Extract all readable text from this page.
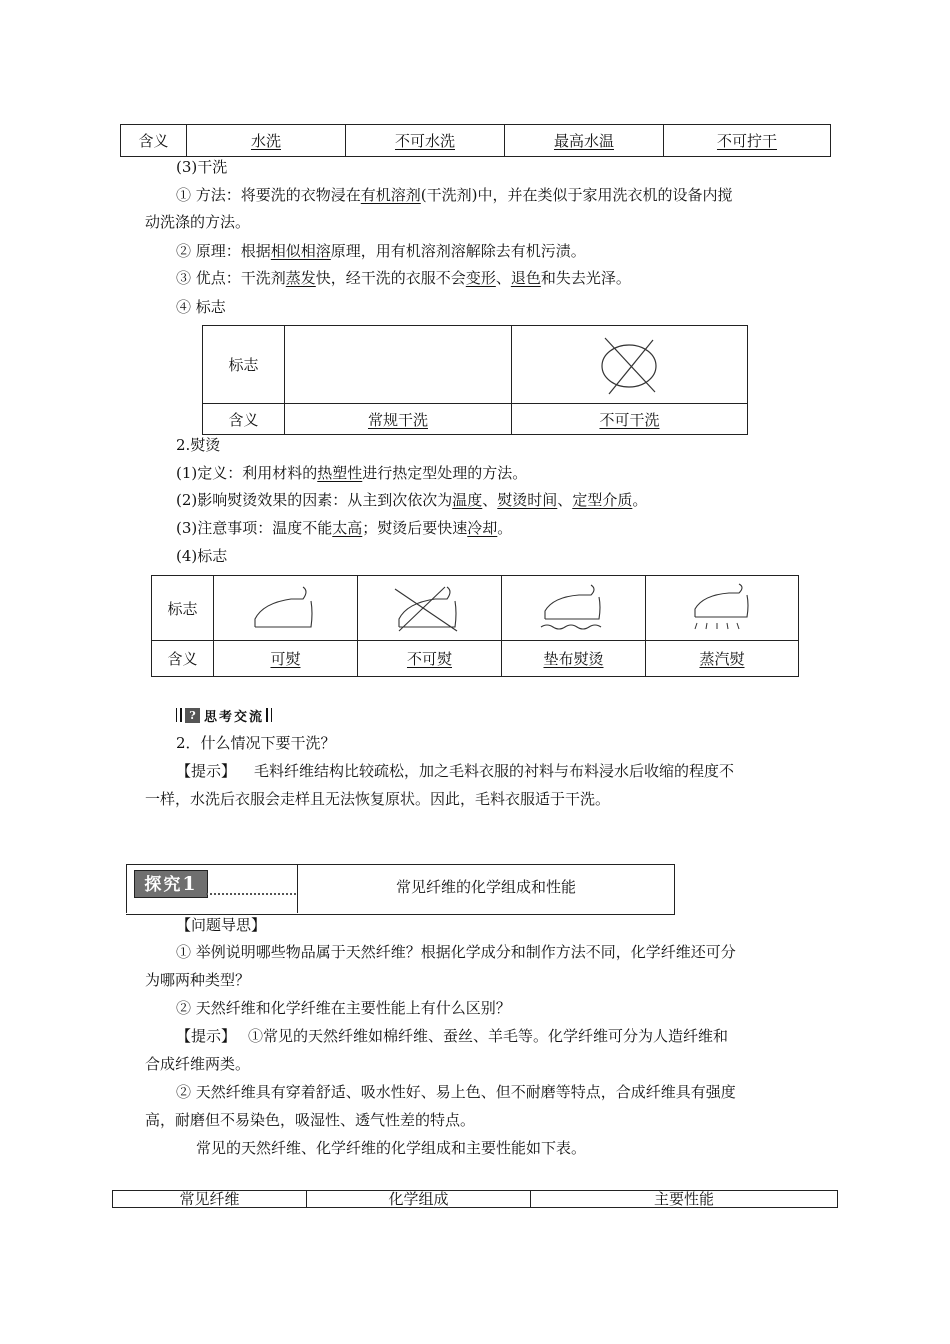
含义	水洗	不可水洗	最高水温	不可拧干
(3)干洗
① 方法：将要洗的衣物浸在有机溶剂(干洗剂)中，并在类似于家用洗衣机的设备内搅
动洗涤的方法。
② 原理：根据相似相溶原理，用有机溶剂溶解除去有机污渍。
③ 优点：干洗剂蒸发快，经干洗的衣服不会变形、退色和失去光泽。
④ 标志
标志		

含义	常规干洗	不可干洗
2.熨烫
(1)定义：利用材料的热塑性进行热定型处理的方法。
(2)影响熨烫效果的因素：从主到次依次为温度、熨烫时间、定型介质。
(3)注意事项：温度不能太高；熨烫后要快速冷却。
(4)标志
标志	

含义	可熨	不可熨	垫布熨烫	蒸汽熨
? 思考交流
2．什么情况下要干洗？
【提示】 毛料纤维结构比较疏松，加之毛料衣服的衬料与布料浸水后收缩的程度不
一样，水洗后衣服会走样且无法恢复原状。因此，毛料衣服适于干洗。
探究1	常见纤维的化学组成和性能
【问题导思】
① 举例说明哪些物品属于天然纤维？根据化学成分和制作方法不同，化学纤维还可分
为哪两种类型？
② 天然纤维和化学纤维在主要性能上有什么区别？
【提示】 ①常见的天然纤维如棉纤维、蚕丝、羊毛等。化学纤维可分为人造纤维和
合成纤维两类。
② 天然纤维具有穿着舒适、吸水性好、易上色、但不耐磨等特点，合成纤维具有强度
高，耐磨但不易染色，吸湿性、透气性差的特点。
常见的天然纤维、化学纤维的化学组成和主要性能如下表。
常见纤维	化学组成	主要性能
